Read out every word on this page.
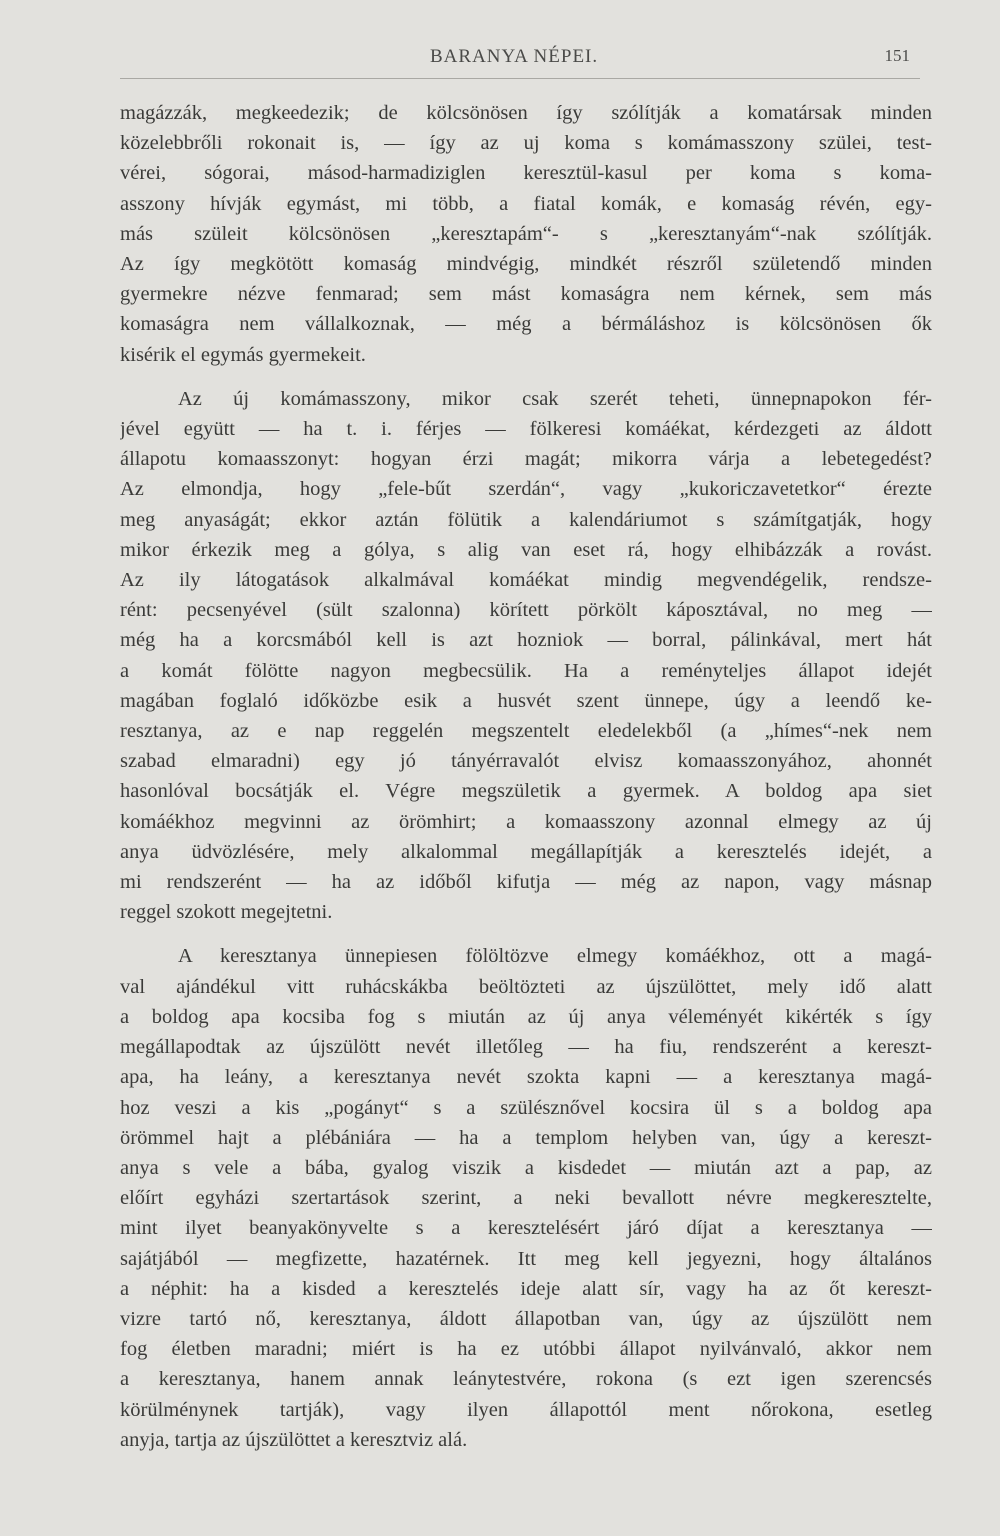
BARANYA NÉPEI.	151
magázzák, megkeedezik; de kölcsönösen így szólítják a komatársak minden
közelebbrőli rokonait is, — így az uj koma s komámasszony szülei, test-
vérei, sógorai, másod-harmadiziglen keresztül-kasul per koma s koma-
asszony hívják egymást, mi több, a fiatal komák, e komaság révén, egy-
más szüleit kölcsönösen „keresztapám“- s „keresztanyám“-nak szólítják.
Az így megkötött komaság mindvégig, mindkét részről születendő minden
gyermekre nézve fenmarad; sem mást komaságra nem kérnek, sem más
komaságra nem vállalkoznak, — még a bérmáláshoz is kölcsönösen ők
kisérik el egymás gyermekeit.
Az új komámasszony, mikor csak szerét teheti, ünnepnapokon fér-
jével együtt — ha t. i. férjes — fölkeresi komáékat, kérdezgeti az áldott
állapotu komaasszonyt: hogyan érzi magát; mikorra várja a lebetegedést?
Az elmondja, hogy „fele-bűt szerdán“, vagy „kukoriczavetetkor“ érezte
meg anyaságát; ekkor aztán fölütik a kalendáriumot s számítgatják, hogy
mikor érkezik meg a gólya, s alig van eset rá, hogy elhibázzák a rovást.
Az ily látogatások alkalmával komáékat mindig megvendégelik, rendsze-
rént: pecsenyével (sült szalonna) körített pörkölt káposztával, no meg —
még ha a korcsmából kell is azt hozniok — borral, pálinkával, mert hát
a komát fölötte nagyon megbecsülik. Ha a reményteljes állapot idejét
magában foglaló időközbe esik a husvét szent ünnepe, úgy a leendő ke-
resztanya, az e nap reggelén megszentelt eledelekből (a „hímes“-nek nem
szabad elmaradni) egy jó tányérravalót elvisz komaasszonyához, ahonnét
hasonlóval bocsátják el. Végre megszületik a gyermek. A boldog apa siet
komáékhoz megvinni az örömhirt; a komaasszony azonnal elmegy az új
anya üdvözlésére, mely alkalommal megállapítják a keresztelés idejét, a
mi rendszerént — ha az időből kifutja — még az napon, vagy másnap
reggel szokott megejtetni.
A keresztanya ünnepiesen fölöltözve elmegy komáékhoz, ott a magá-
val ajándékul vitt ruhácskákba beöltözteti az újszülöttet, mely idő alatt
a boldog apa kocsiba fog s miután az új anya véleményét kikérték s így
megállapodtak az újszülött nevét illetőleg — ha fiu, rendszerént a kereszt-
apa, ha leány, a keresztanya nevét szokta kapni — a keresztanya magá-
hoz veszi a kis „pogányt“ s a szülésznővel kocsira ül s a boldog apa
örömmel hajt a plébániára — ha a templom helyben van, úgy a kereszt-
anya s vele a bába, gyalog viszik a kisdedet — miután azt a pap, az
előírt egyházi szertartások szerint, a neki bevallott névre megkeresztelte,
mint ilyet beanyakönyvelte s a keresztelésért járó díjat a keresztanya —
sajátjából — megfizette, hazatérnek. Itt meg kell jegyezni, hogy általános
a néphit: ha a kisded a keresztelés ideje alatt sír, vagy ha az őt kereszt-
vizre tartó nő, keresztanya, áldott állapotban van, úgy az újszülött nem
fog életben maradni; miért is ha ez utóbbi állapot nyilvánvaló, akkor nem
a keresztanya, hanem annak leánytestvére, rokona (s ezt igen szerencsés
körülménynek tartják), vagy ilyen állapottól ment nőrokona, esetleg
anyja, tartja az újszülöttet a keresztviz alá.
